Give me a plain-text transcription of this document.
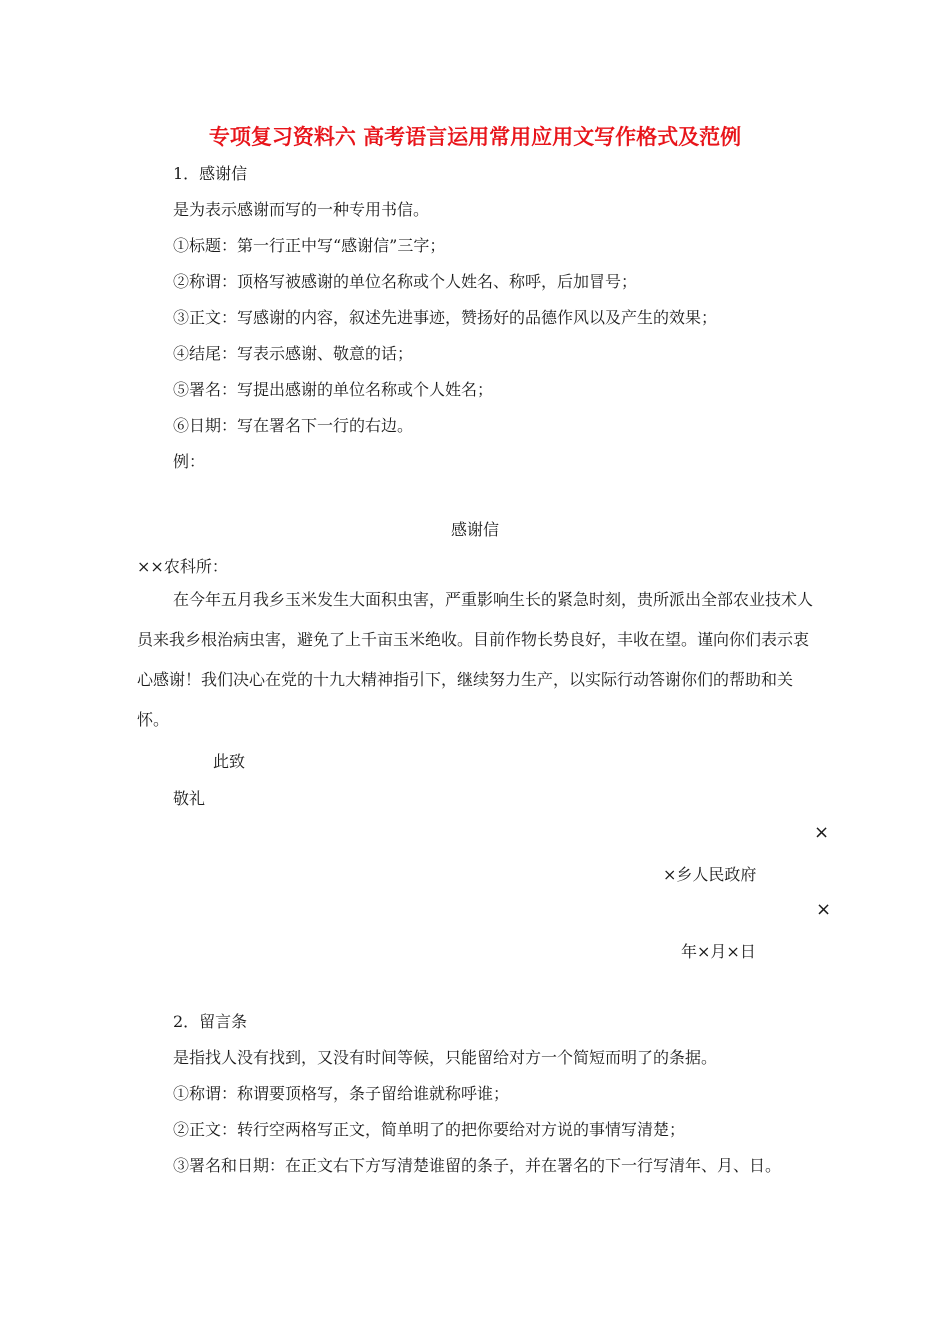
专项复习资料六 高考语言运用常用应用文写作格式及范例
1．感谢信
是为表示感谢而写的一种专用书信。
①标题：第一行正中写“感谢信”三字；
②称谓：顶格写被感谢的单位名称或个人姓名、称呼，后加冒号；
③正文：写感谢的内容，叙述先进事迹，赞扬好的品德作风以及产生的效果；
④结尾：写表示感谢、敬意的话；
⑤署名：写提出感谢的单位名称或个人姓名；
⑥日期：写在署名下一行的右边。
例：
感谢信
××农科所：
在今年五月我乡玉米发生大面积虫害，严重影响生长的紧急时刻，贵所派出全部农业技术人员来我乡根治病虫害，避免了上千亩玉米绝收。目前作物长势良好，丰收在望。谨向你们表示衷心感谢！我们决心在党的十九大精神指引下，继续努力生产，以实际行动答谢你们的帮助和关怀。
此致
敬礼
×
×乡人民政府
×
年×月×日
2．留言条
是指找人没有找到，又没有时间等候，只能留给对方一个简短而明了的条据。
①称谓：称谓要顶格写，条子留给谁就称呼谁；
②正文：转行空两格写正文，简单明了的把你要给对方说的事情写清楚；
③署名和日期：在正文右下方写清楚谁留的条子，并在署名的下一行写清年、月、日。
